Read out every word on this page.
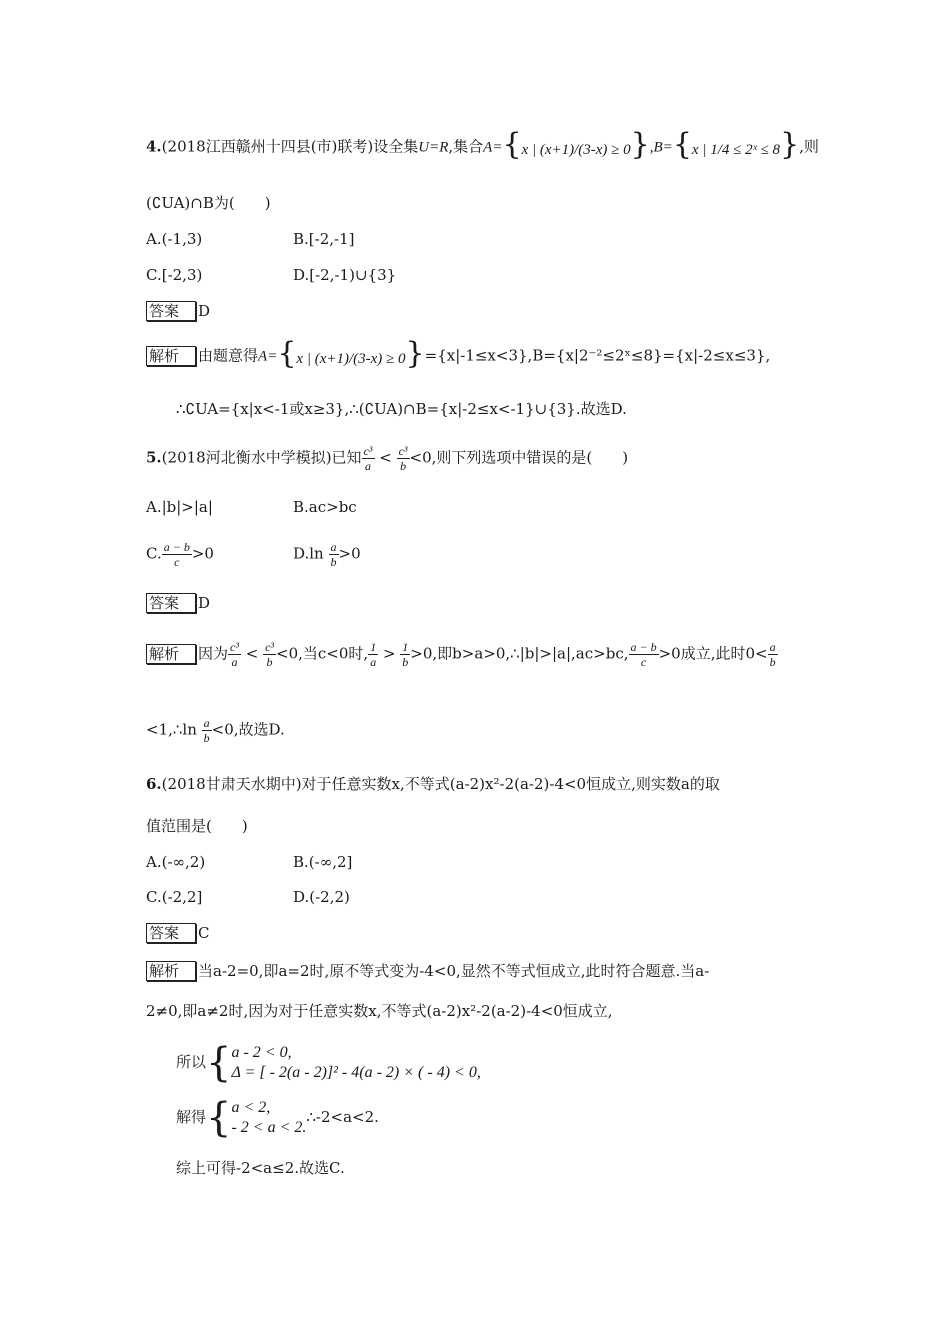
4.(2018江西赣州十四县(市)联考)设全集U=R,集合A={x | (x+1)/(3-x) ≥ 0},B={x | 1/4 ≤ 2ˣ ≤ 8},则
(∁UA)∩B为(　　)
A.(-1,3)	B.[-2,-1]
C.[-2,3)	D.[-2,-1)∪{3}
答案 D
解析 由题意得A={x | (x+1)/(3-x) ≥ 0}={x|-1≤x<3},B={x|2⁻²≤2ˣ≤8}={x|-2≤x≤3},
∴∁UA={x|x<-1或x≥3},∴(∁UA)∩B={x|-2≤x<-1}∪{3}.故选D.
5.(2018河北衡水中学模拟)已知 $\frac{\text{c³}}{a} < \frac{\text{c³}}{b} <0$,则下列选项中错误的是(　　)
A.|b|>|a|	B.ac>bc
C. $\frac{a - b}{c} >0$	$D.\ln \frac{a}{b} >0$
答案 D
解析 因为 $\frac{\text{c³}}{a} < \frac{\text{c³}}{b} <0$,当c<0时, $\frac{1}{a} > \frac{1}{b} >0$,即b>a>0,∴|b|>|a|,ac>bc, $\frac{a - b}{c} >0$成立,此时$0< \frac{a}{b}$
<1,∴ln $\frac{a}{b} <0$,故选D.
6.(2018甘肃天水期中)对于任意实数x,不等式(a-2)x²-2(a-2)-4<0恒成立,则实数a的取
值范围是(　　)
A.(-∞,2)	B.(-∞,2]
C.(-2,2]	D.(-2,2)
答案 C
解析 当a-2=0,即a=2时,原不等式变为-4<0,显然不等式恒成立,此时符合题意.当a-
2≠0,即a≠2时,因为对于任意实数x,不等式(a-2)x²-2(a-2)-4<0恒成立,
所以{ a - 2 < 0,
Δ = [ - 2(a - 2)]² - 4(a - 2) × ( - 4) < 0,
解得{ a < 2,
- 2 < a < 2.
∴-2<a<2.
综上可得-2<a≤2.故选C.
